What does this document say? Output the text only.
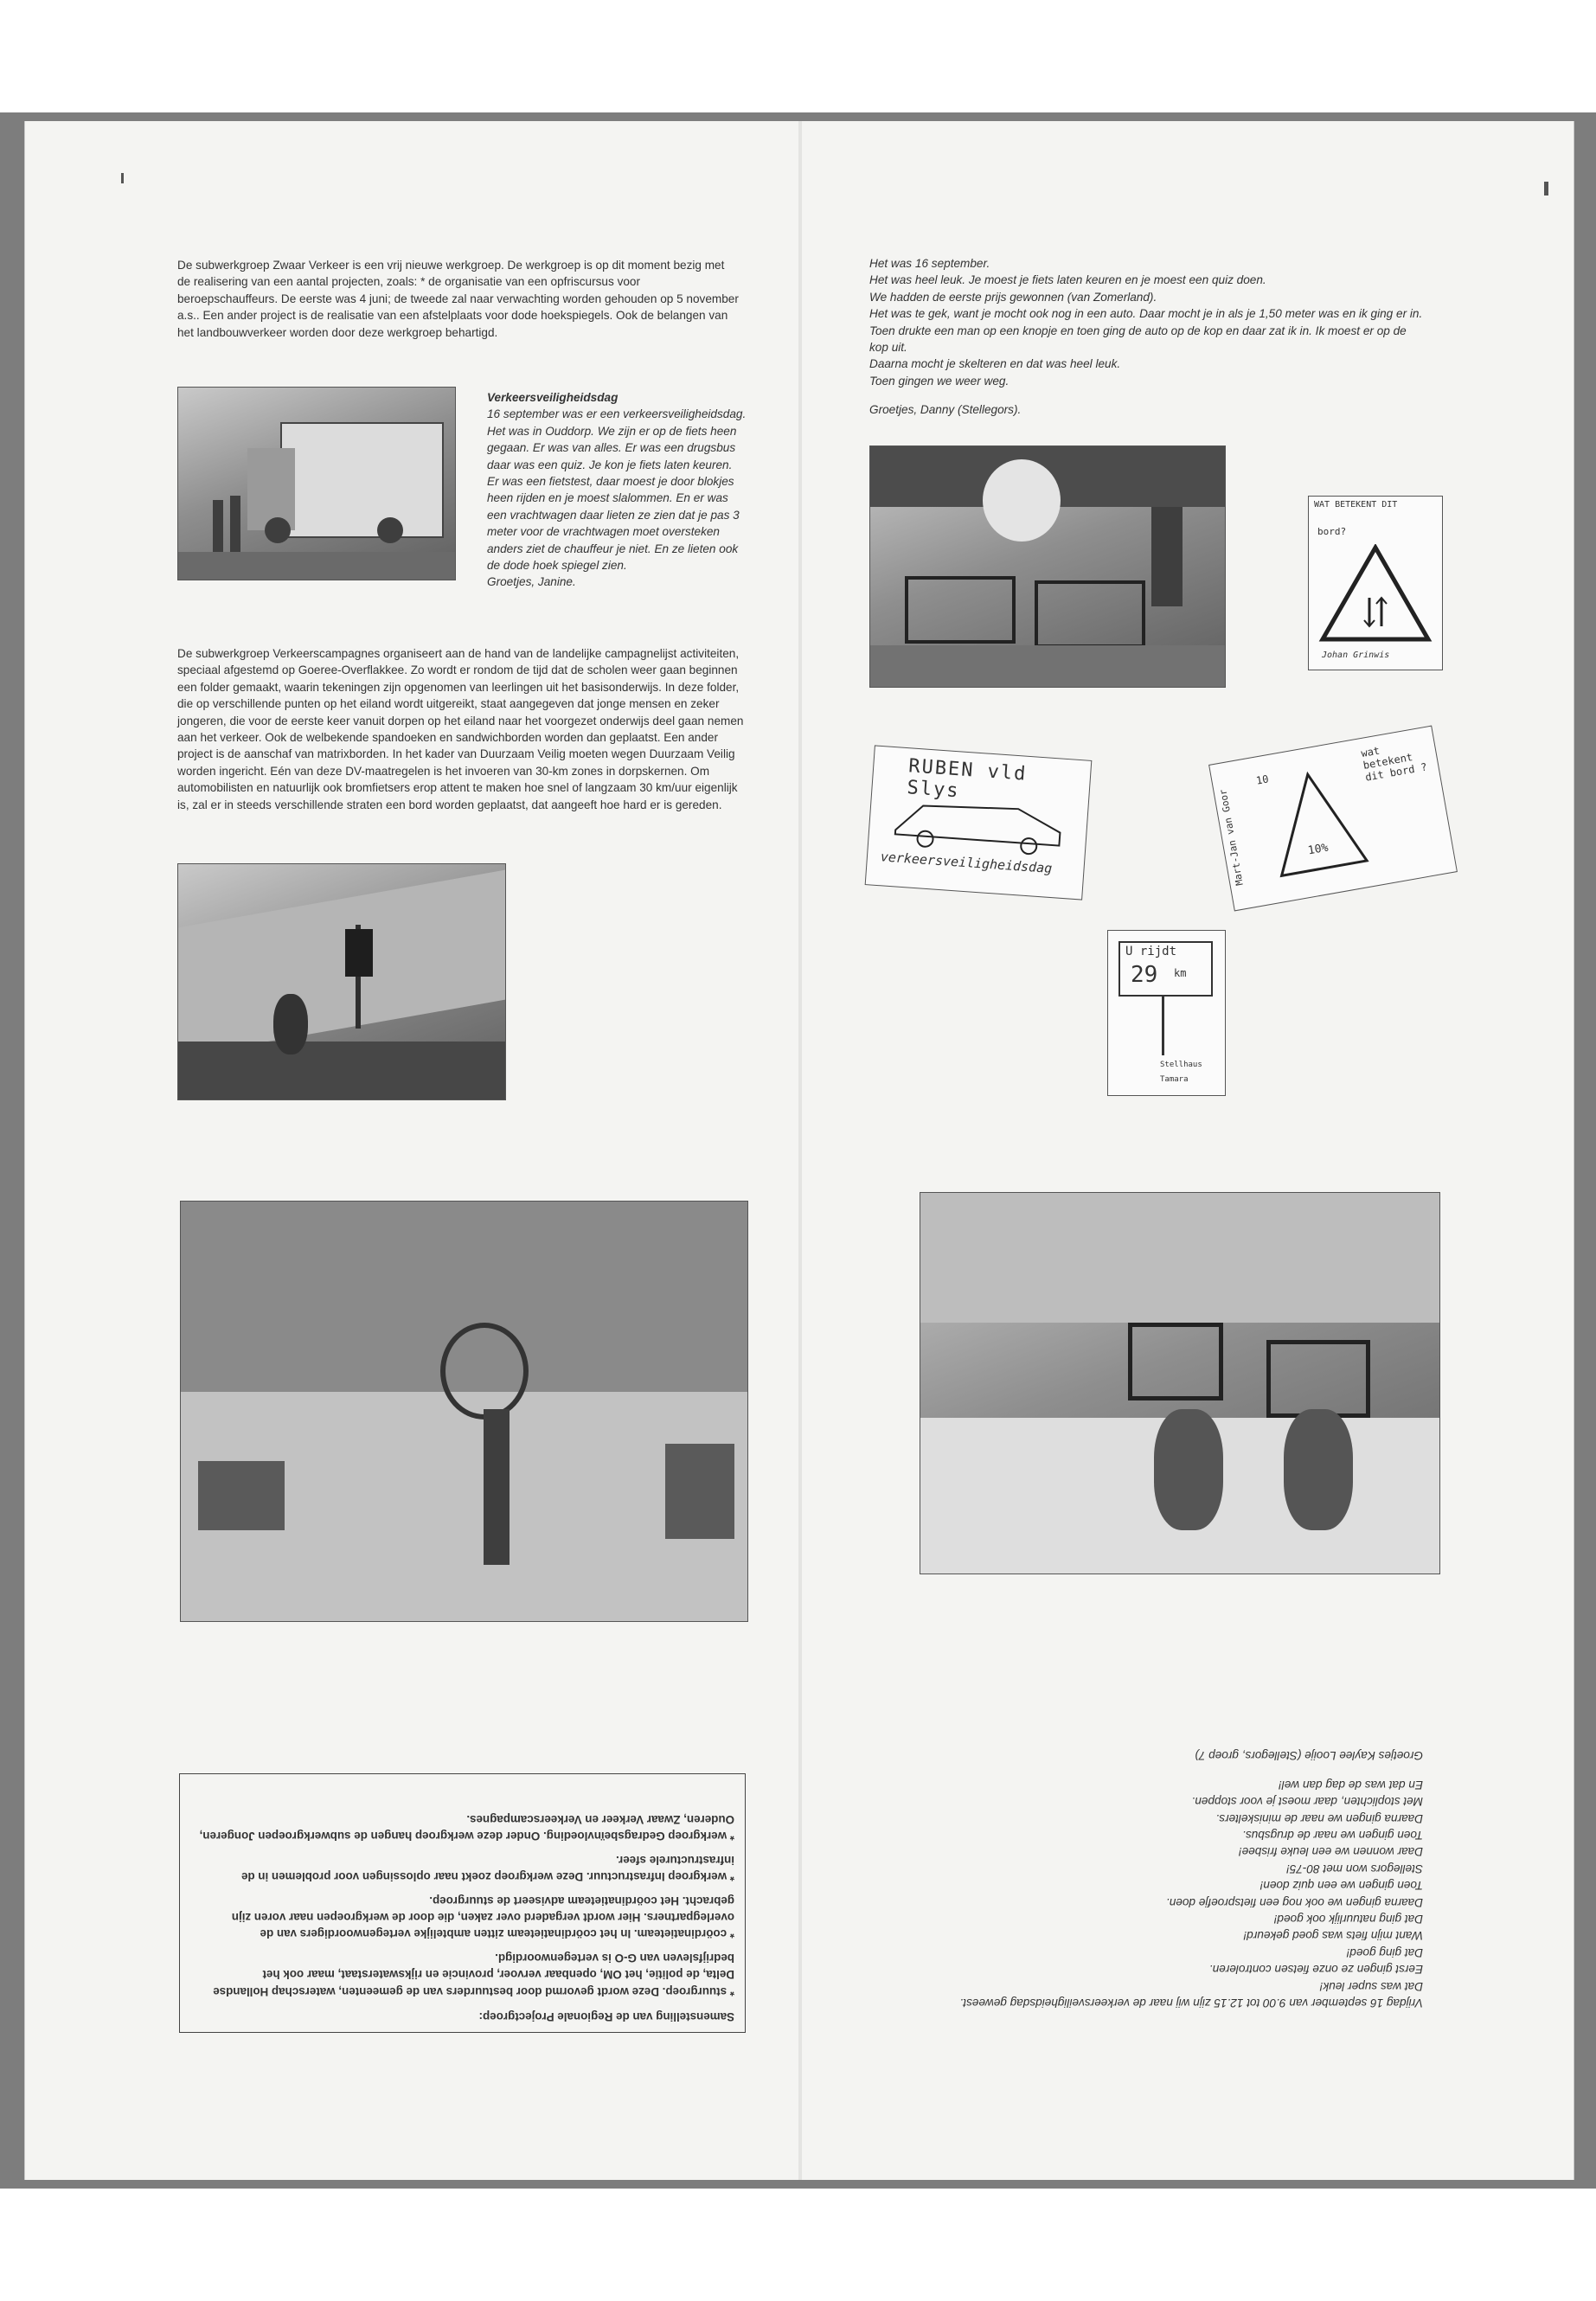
De subwerkgroep Zwaar Verkeer is een vrij nieuwe werkgroep. De werkgroep is op dit moment bezig met de realisering van een aantal projecten, zoals: * de organisatie van een opfriscursus voor beroepschauffeurs. De eerste was 4 juni; de tweede zal naar verwachting worden gehouden op 5 november a.s.. Een ander project is de realisatie van een afstelplaats voor dode hoekspiegels. Ook de belangen van het landbouwverkeer worden door deze werkgroep behartigd.

Verkeersveiligheidsdag

16 september was er een verkeersveiligheidsdag. Het was in Ouddorp. We zijn er op de fiets heen gegaan. Er was van alles. Er was een drugsbus daar was een quiz. Je kon je fiets laten keuren. Er was een fietstest, daar moest je door blokjes heen rijden en je moest slalommen. En er was een vrachtwagen daar lieten ze zien dat je pas 3 meter voor de vrachtwagen moet oversteken anders ziet de chauffeur je niet. En ze lieten ook de dode hoek spiegel zien.

Groetjes, Janine.

De subwerkgroep Verkeerscampagnes organiseert aan de hand van de landelijke campagnelijst activiteiten, speciaal afgestemd op Goeree-Overflakkee. Zo wordt er rondom de tijd dat de scholen weer gaan beginnen een folder gemaakt, waarin tekeningen zijn opgenomen van leerlingen uit het basisonderwijs. In deze folder, die op verschillende punten op het eiland wordt uitgereikt, staat aangegeven dat jonge mensen en zeker jongeren, die voor de eerste keer vanuit dorpen op het eiland naar het voorgezet onderwijs deel gaan nemen aan het verkeer. Ook de welbekende spandoeken en sandwichborden worden dan geplaatst. Een ander project is de aanschaf van matrixborden. In het kader van Duurzaam Veilig moeten wegen Duurzaam Veilig worden ingericht. Eén van deze DV-maatregelen is het invoeren van 30-km zones in dorpskernen. Om automobilisten en natuurlijk ook bromfietsers erop attent te maken hoe snel of langzaam 30 km/uur eigenlijk is, zal er in steeds verschillende straten een bord worden geplaatst, dat aangeeft hoe hard er is gereden.

Samenstelling van de Regionale Projectgroep:

* stuurgroep. Deze wordt gevormd door bestuurders van de gemeenten, waterschap Hollandse Delta, de politie, het OM, openbaar vervoer, provincie en rijkswaterstaat, maar ook het bedrijfsleven van G-O is vertegenwoordigd.

* coördinatieteam. In het coördinatieteam zitten ambtelijke vertegenwoordigers van de overlegpartners. Hier wordt vergaderd over zaken, die door de werkgroepen naar voren zijn gebracht. Het coördinatieteam adviseert de stuurgroep.

* werkgroep Infrastructuur. Deze werkgroep zoekt naar oplossingen voor problemen in de infrastructurele sfeer.

* werkgroep Gedragsbeïnvloeding. Onder deze werkgroep hangen de subwerkgroepen Jongeren, Ouderen, Zwaar Verkeer en Verkeerscampagnes.

Het was 16 september.

Het was heel leuk. Je moest je fiets laten keuren en je moest een quiz doen.

We hadden de eerste prijs gewonnen (van Zomerland).

Het was te gek, want je mocht ook nog in een auto. Daar mocht je in als je 1,50 meter was en ik ging er in. Toen drukte een man op een knopje en toen ging de auto op de kop en daar zat ik in. Ik moest er op de kop uit.

Daarna mocht je skelteren en dat was heel leuk.

Toen gingen we weer weg.

Groetjes, Danny (Stellegors).

WAT BETEKENT DIT
bord?
Johan Grinwis
RUBEN vld Slys
verkeersveiligheidsdag	Mart-Jan van Goor
10
10%
wat betekent dit bord ?
U rijdt
29 km
Stellhaus
Tamara

Vrijdag 16 september van 9.00 tot 12.15 zijn wij naar de verkeersveiligheidsdag geweest.

Dat was super leuk!

Eerst gingen ze onze fietsen controleren.

Dat ging goed!

Want mijn fiets was goed gekeurd!

Dat ging natuurlijk ook goed!

Daarna gingen we ook nog een fietsproefje doen.

Toen gingen we een quiz doen!

Stellegors won met 80-75!

Daar wonnen we een leuke frisbee!

Toen gingen we naar de drugsbus.

Daarna gingen we naar de miniskelters.

Met stoplichten, daar moest je voor stoppen.

En dat was de dag dan wel!

Groetjes Kaylee Looije (Stellegors, groep 7)
